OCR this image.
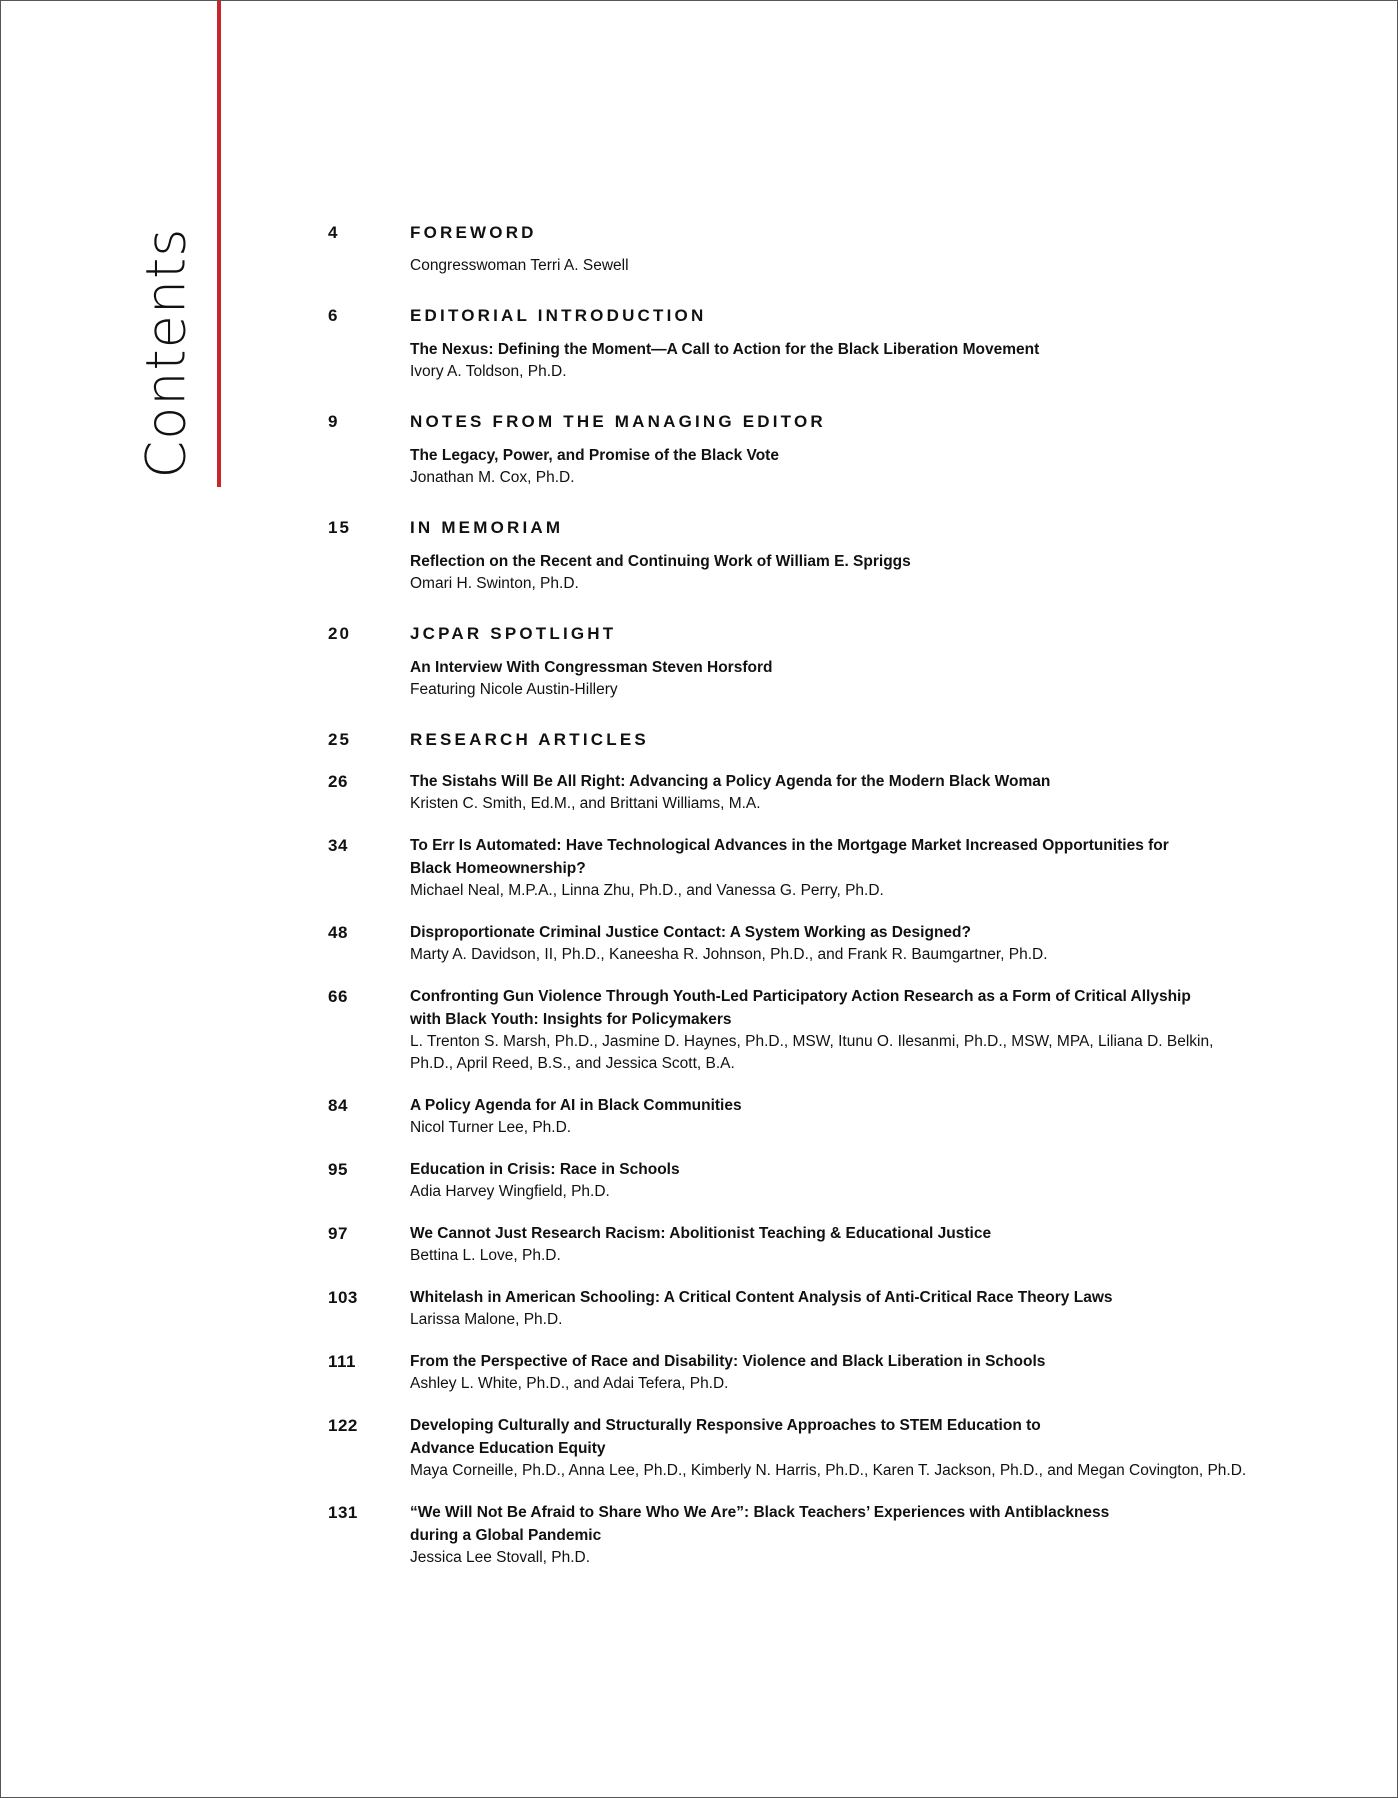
Contents	4	FOREWORD
Congresswoman Terri A. Sewell
6	EDITORIAL INTRODUCTION
The Nexus: Defining the Moment—A Call to Action for the Black Liberation Movement
Ivory A. Toldson, Ph.D.
9	NOTES FROM THE MANAGING EDITOR
The Legacy, Power, and Promise of the Black Vote
Jonathan M. Cox, Ph.D.
15	IN MEMORIAM
Reflection on the Recent and Continuing Work of William E. Spriggs
Omari H. Swinton, Ph.D.
20	JCPAR SPOTLIGHT
An Interview With Congressman Steven Horsford
Featuring Nicole Austin-Hillery
25	RESEARCH ARTICLES
26	The Sistahs Will Be All Right: Advancing a Policy Agenda for the Modern Black Woman
Kristen C. Smith, Ed.M., and Brittani Williams, M.A.
34	To Err Is Automated: Have Technological Advances in the Mortgage Market Increased Opportunities for
Black Homeownership?
Michael Neal, M.P.A., Linna Zhu, Ph.D., and Vanessa G. Perry, Ph.D.
48	Disproportionate Criminal Justice Contact: A System Working as Designed?
Marty A. Davidson, II, Ph.D., Kaneesha R. Johnson, Ph.D., and Frank R. Baumgartner, Ph.D.
66	Confronting Gun Violence Through Youth-Led Participatory Action Research as a Form of Critical Allyship
with Black Youth: Insights for Policymakers
L. Trenton S. Marsh, Ph.D., Jasmine D. Haynes, Ph.D., MSW, Itunu O. Ilesanmi, Ph.D., MSW, MPA, Liliana D. Belkin,
Ph.D., April Reed, B.S., and Jessica Scott, B.A.
84	A Policy Agenda for AI in Black Communities
Nicol Turner Lee, Ph.D.
95	Education in Crisis: Race in Schools
Adia Harvey Wingfield, Ph.D.
97	We Cannot Just Research Racism: Abolitionist Teaching & Educational Justice
Bettina L. Love, Ph.D.
103	Whitelash in American Schooling: A Critical Content Analysis of Anti-Critical Race Theory Laws
Larissa Malone, Ph.D.
111	From the Perspective of Race and Disability: Violence and Black Liberation in Schools
Ashley L. White, Ph.D., and Adai Tefera, Ph.D.
122	Developing Culturally and Structurally Responsive Approaches to STEM Education to
Advance Education Equity
Maya Corneille, Ph.D., Anna Lee, Ph.D., Kimberly N. Harris, Ph.D., Karen T. Jackson, Ph.D., and Megan Covington, Ph.D.
131	“We Will Not Be Afraid to Share Who We Are”: Black Teachers’ Experiences with Antiblackness
during a Global Pandemic
Jessica Lee Stovall, Ph.D.
